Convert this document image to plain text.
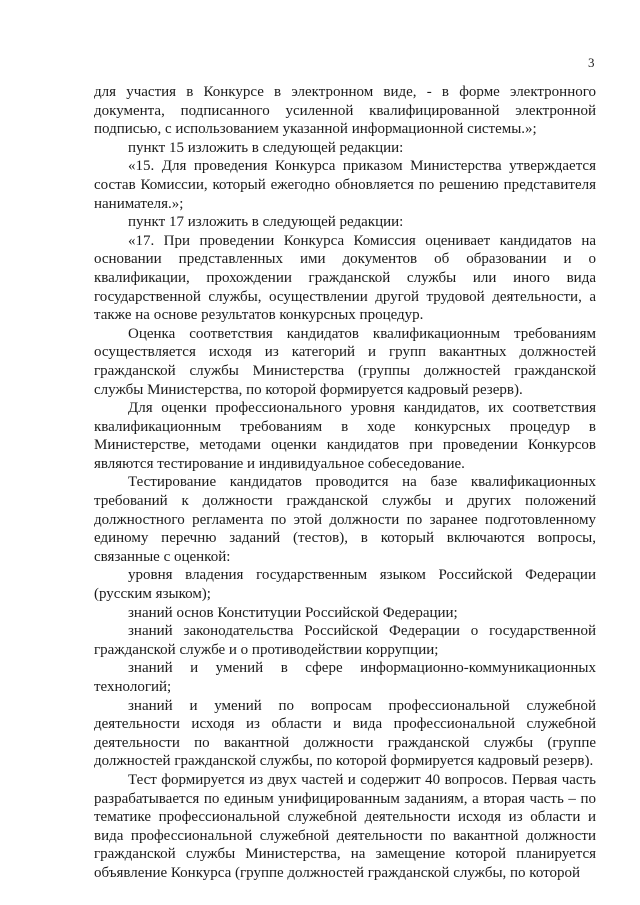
3

для участия в Конкурсе в электронном виде, - в форме электронного документа, подписанного усиленной квалифицированной электронной подписью, с использованием указанной информационной системы.»;

пункт 15 изложить в следующей редакции:

«15. Для проведения Конкурса приказом Министерства утверждается состав Комиссии, который ежегодно обновляется по решению представителя нанимателя.»;

пункт 17 изложить в следующей редакции:

«17. При проведении Конкурса Комиссия оценивает кандидатов на основании представленных ими документов об образовании и о квалификации, прохождении гражданской службы или иного вида государственной службы, осуществлении другой трудовой деятельности, а также на основе результатов конкурсных процедур.

Оценка соответствия кандидатов квалификационным требованиям осуществляется исходя из категорий и групп вакантных должностей гражданской службы Министерства (группы должностей гражданской службы Министерства, по которой формируется кадровый резерв).

Для оценки профессионального уровня кандидатов, их соответствия квалификационным требованиям в ходе конкурсных процедур в Министерстве, методами оценки кандидатов при проведении Конкурсов являются тестирование и индивидуальное собеседование.

Тестирование кандидатов проводится на базе квалификационных требований к должности гражданской службы и других положений должностного регламента по этой должности по заранее подготовленному единому перечню заданий (тестов), в который включаются вопросы, связанные с оценкой:

уровня владения государственным языком Российской Федерации (русским языком);

знаний основ Конституции Российской Федерации;

знаний законодательства Российской Федерации о государственной гражданской службе и о противодействии коррупции;

знаний и умений в сфере информационно-коммуникационных технологий;

знаний и умений по вопросам профессиональной служебной деятельности исходя из области и вида профессиональной служебной деятельности по вакантной должности гражданской службы (группе должностей гражданской службы, по которой формируется кадровый резерв).

Тест формируется из двух частей и содержит 40 вопросов. Первая часть разрабатывается по единым унифицированным заданиям, а вторая часть – по тематике профессиональной служебной деятельности исходя из области и вида профессиональной служебной деятельности по вакантной должности гражданской службы Министерства, на замещение которой планируется объявление Конкурса (группе должностей гражданской службы, по которой
